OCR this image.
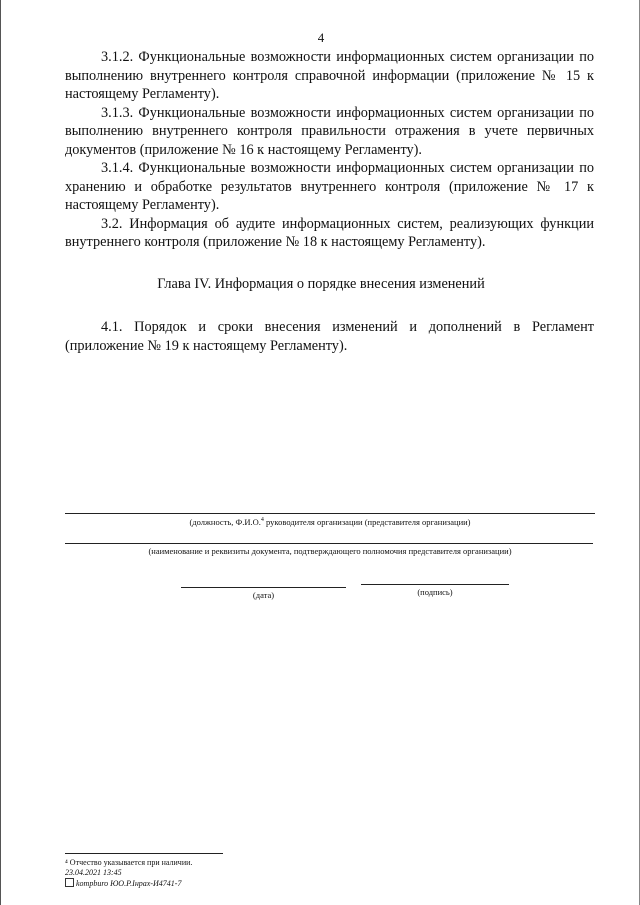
4

3.1.2. Функциональные возможности информационных систем организации по выполнению внутреннего контроля справочной информации (приложение № 15 к настоящему Регламенту).

3.1.3. Функциональные возможности информационных систем организации по выполнению внутреннего контроля правильности отражения в учете первичных документов (приложение № 16 к настоящему Регламенту).

3.1.4. Функциональные возможности информационных систем организации по хранению и обработке результатов внутреннего контроля (приложение № 17 к настоящему Регламенту).

3.2. Информация об аудите информационных систем, реализующих функции внутреннего контроля (приложение № 18 к настоящему Регламенту).

Глава IV. Информация о порядке внесения изменений

4.1. Порядок и сроки внесения изменений и дополнений в Регламент (приложение № 19 к настоящему Регламенту).

(должность, Ф.И.О.$^4$ руководителя организации (представителя организации)
(наименование и реквизиты документа, подтверждающего полномочия представителя организации)
(дата)	(подпись)
⁴ Отчество указывается при наличии.
23.04.2021 13:45
kompburo ЮО.Р.Iнрах-И4741-7
